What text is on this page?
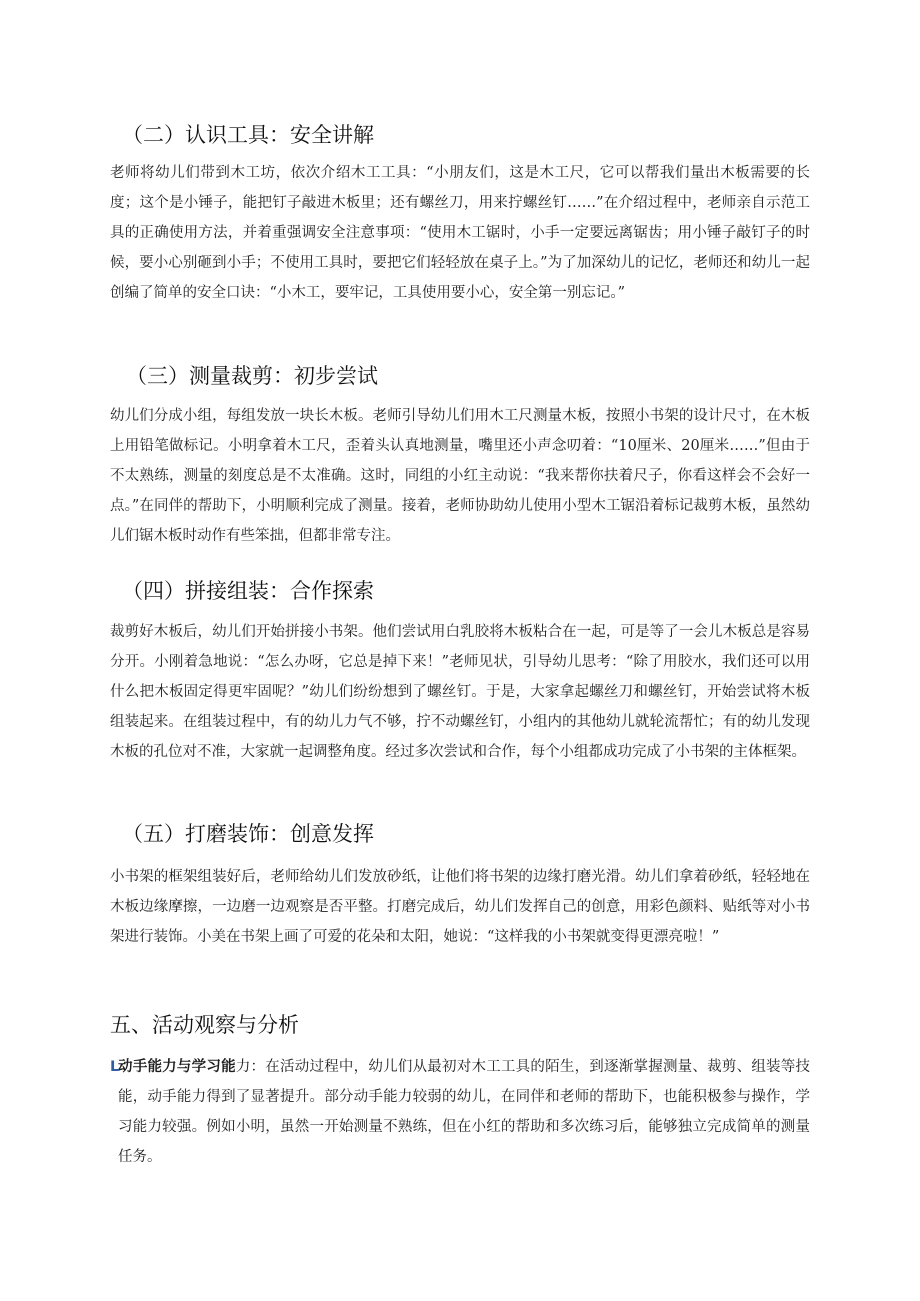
（二）认识工具：安全讲解

老师将幼儿们带到木工坊，依次介绍木工工具：“小朋友们，这是木工尺，它可以帮我们量出木板需要的长度；这个是小锤子，能把钉子敲进木板里；还有螺丝刀，用来拧螺丝钉……”在介绍过程中，老师亲自示范工具的正确使用方法，并着重强调安全注意事项：“使用木工锯时，小手一定要远离锯齿；用小锤子敲钉子的时候，要小心别砸到小手；不使用工具时，要把它们轻轻放在桌子上。”为了加深幼儿的记忆，老师还和幼儿一起创编了简单的安全口诀：“小木工，要牢记，工具使用要小心，安全第一别忘记。”

（三）测量裁剪：初步尝试

幼儿们分成小组，每组发放一块长木板。老师引导幼儿们用木工尺测量木板，按照小书架的设计尺寸，在木板上用铅笔做标记。小明拿着木工尺，歪着头认真地测量，嘴里还小声念叨着：“10厘米、20厘米……”但由于不太熟练，测量的刻度总是不太准确。这时，同组的小红主动说：“我来帮你扶着尺子，你看这样会不会好一点。”在同伴的帮助下，小明顺利完成了测量。接着，老师协助幼儿使用小型木工锯沿着标记裁剪木板，虽然幼儿们锯木板时动作有些笨拙，但都非常专注。

（四）拼接组装：合作探索

裁剪好木板后，幼儿们开始拼接小书架。他们尝试用白乳胶将木板粘合在一起，可是等了一会儿木板总是容易分开。小刚着急地说：“怎么办呀，它总是掉下来！”老师见状，引导幼儿思考：“除了用胶水，我们还可以用什么把木板固定得更牢固呢？”幼儿们纷纷想到了螺丝钉。于是，大家拿起螺丝刀和螺丝钉，开始尝试将木板组装起来。在组装过程中，有的幼儿力气不够，拧不动螺丝钉，小组内的其他幼儿就轮流帮忙；有的幼儿发现木板的孔位对不准，大家就一起调整角度。经过多次尝试和合作，每个小组都成功完成了小书架的主体框架。

（五）打磨装饰：创意发挥

小书架的框架组装好后，老师给幼儿们发放砂纸，让他们将书架的边缘打磨光滑。幼儿们拿着砂纸，轻轻地在木板边缘摩擦，一边磨一边观察是否平整。打磨完成后，幼儿们发挥自己的创意，用彩色颜料、贴纸等对小书架进行装饰。小美在书架上画了可爱的花朵和太阳，她说：“这样我的小书架就变得更漂亮啦！”

五、活动观察与分析
L
动手能力与学习能力：在活动过程中，幼儿们从最初对木工工具的陌生，到逐渐掌握测量、裁剪、组装等技能，动手能力得到了显著提升。部分动手能力较弱的幼儿，在同伴和老师的帮助下，也能积极参与操作，学习能力较强。例如小明，虽然一开始测量不熟练，但在小红的帮助和多次练习后，能够独立完成简单的测量任务。
